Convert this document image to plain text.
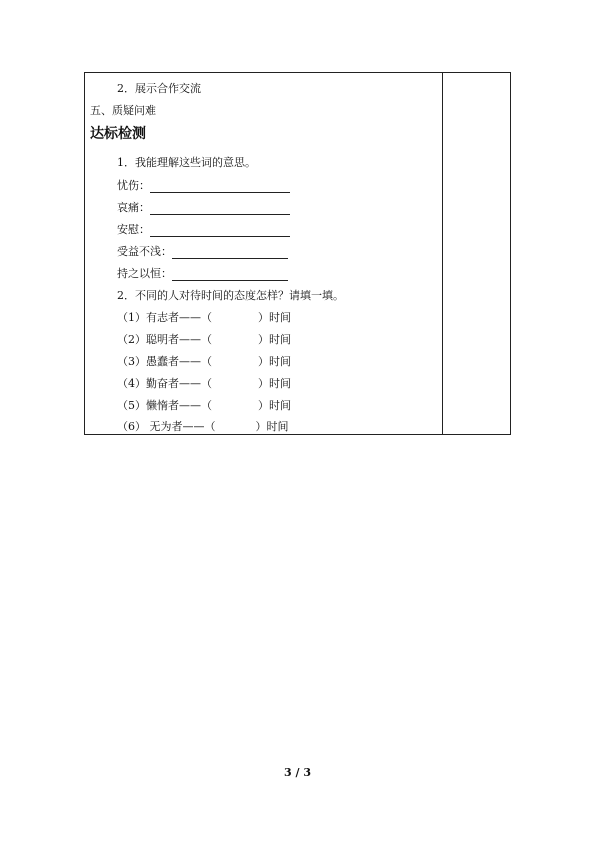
2．展示合作交流
五、质疑问难
达标检测
1．我能理解这些词的意思。
忧伤：
哀痛：
安慰：
受益不浅：
持之以恒：
2．不同的人对待时间的态度怎样？请填一填。
（1）有志者——（	）时间
（2）聪明者——（	）时间
（3）愚蠢者——（	）时间
（4）勤奋者——（	）时间
（5）懒惰者——（	）时间
（6） 无为者——（	）时间
3 / 3
